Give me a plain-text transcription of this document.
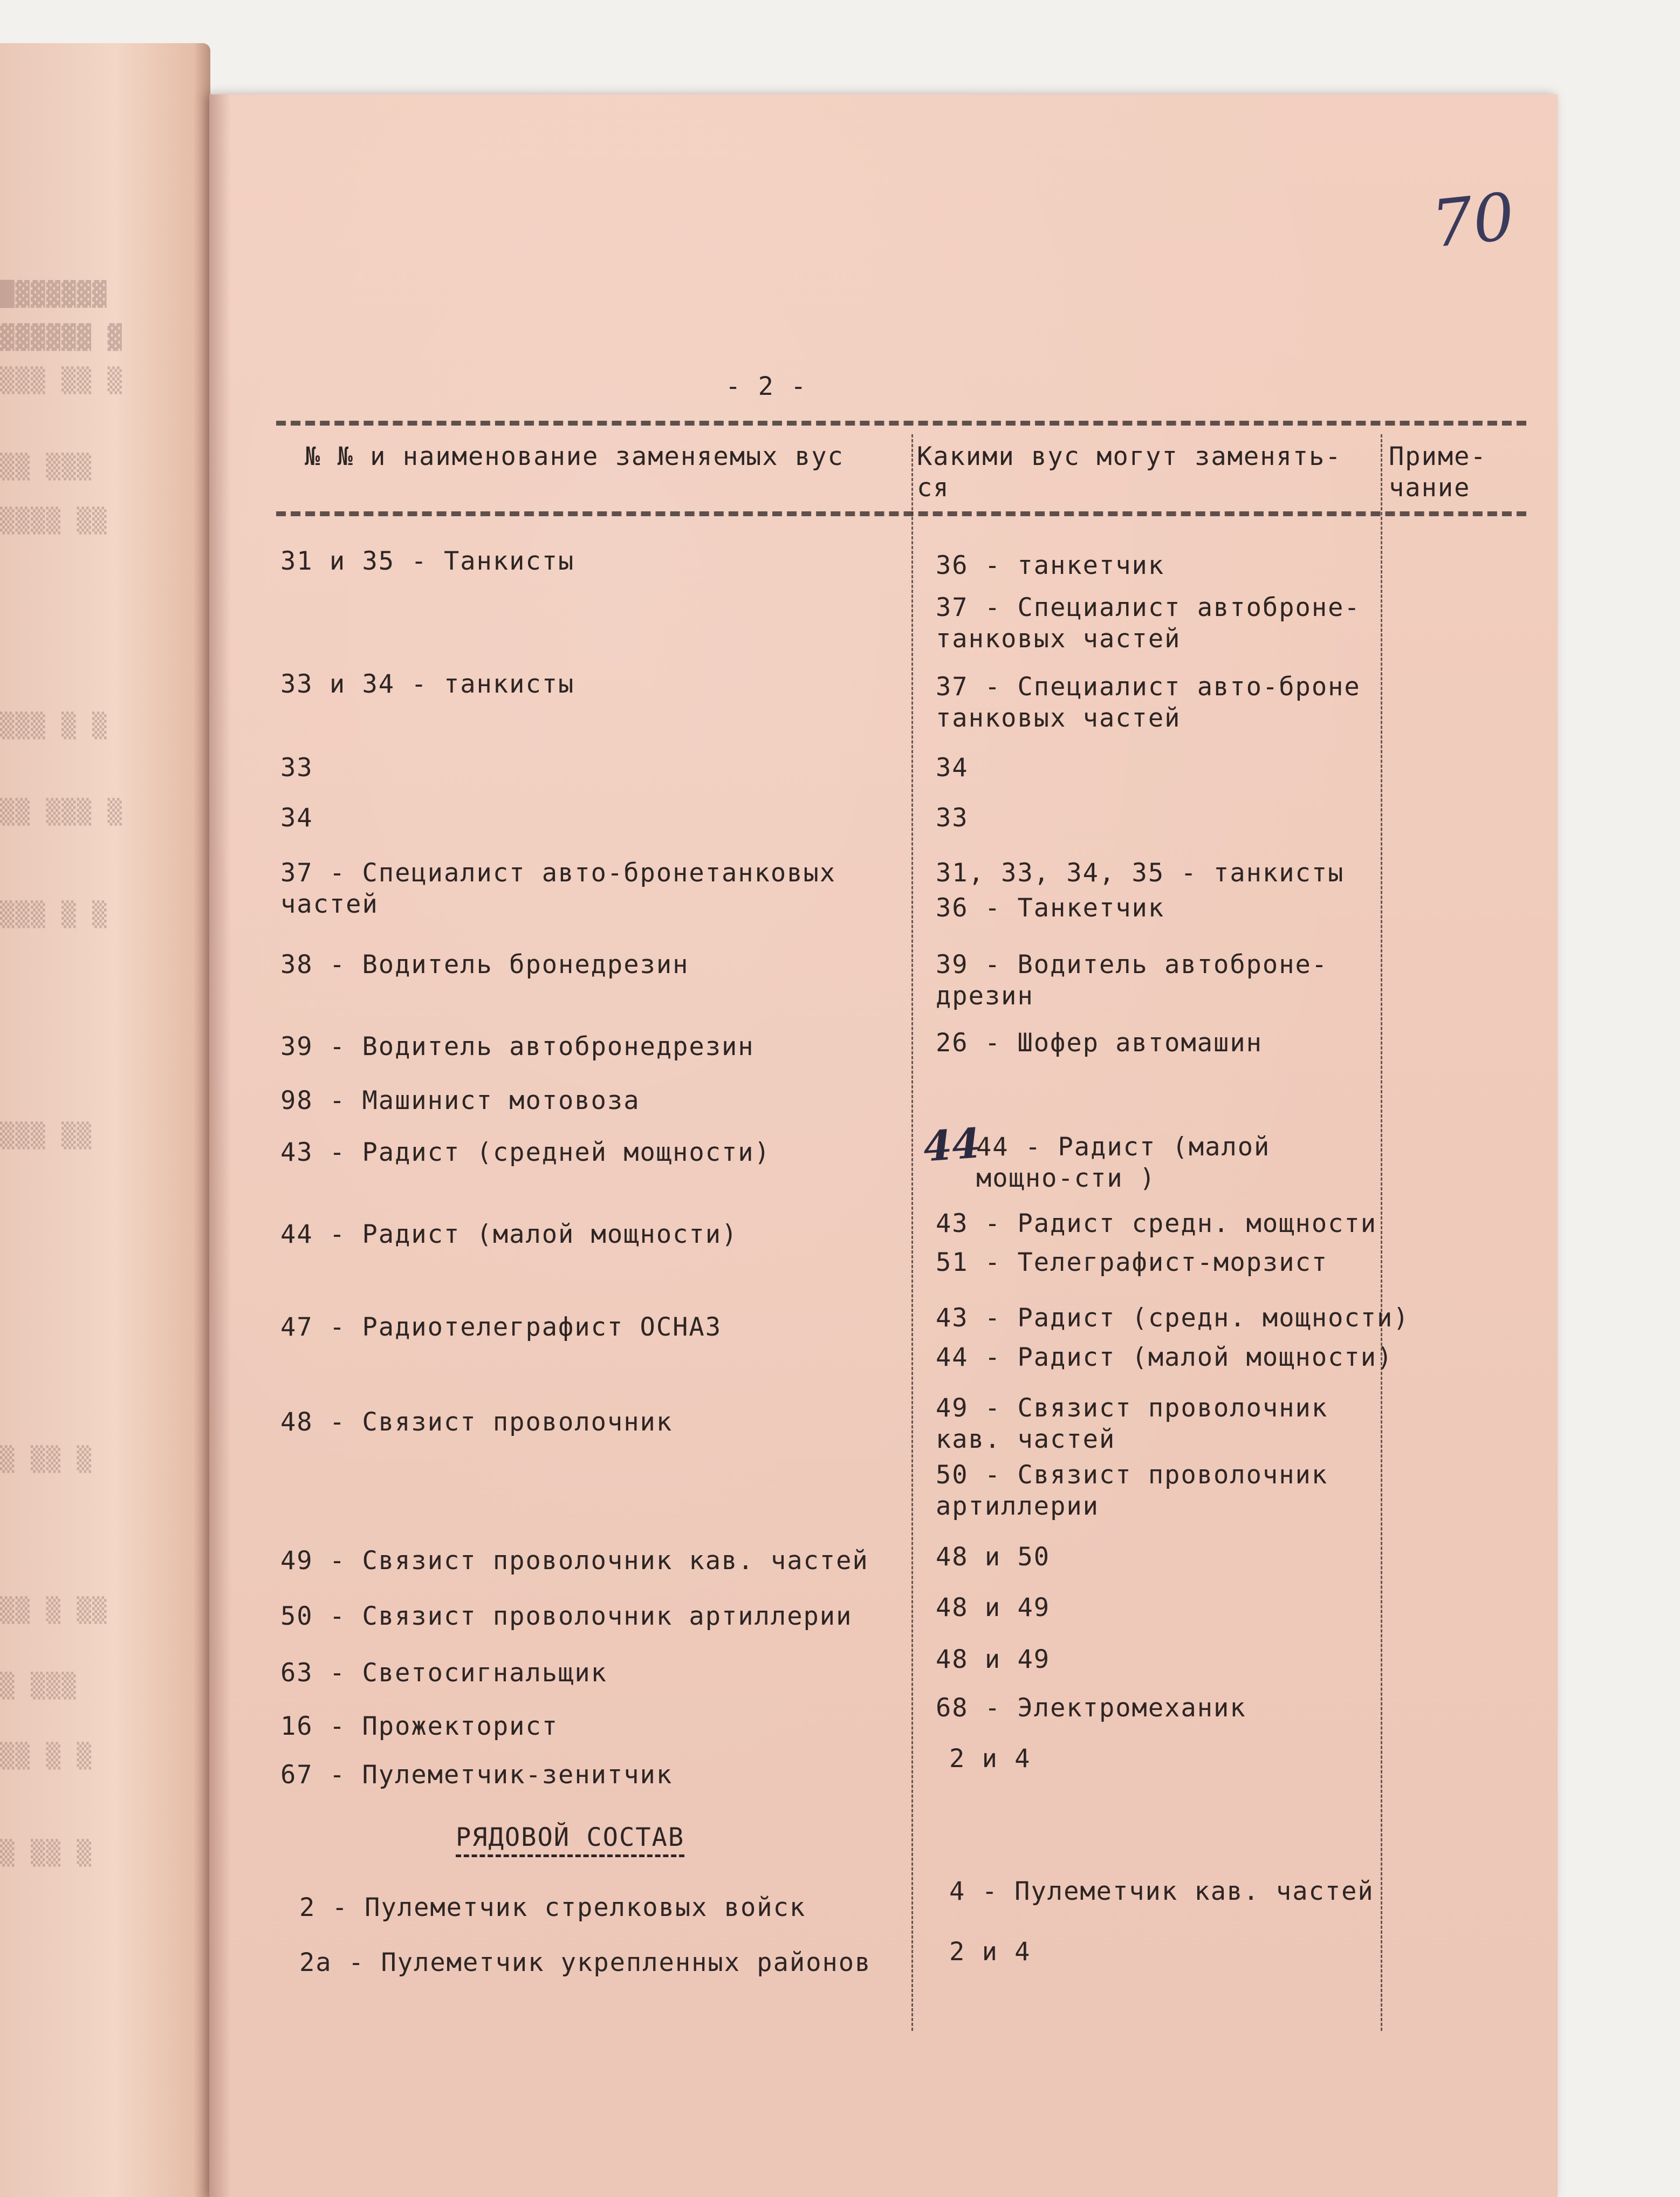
█▓▓▓▓▓▓
▓▓▓▓▓▓ ▓
▒▒▒ ▒▒ ▒
▒▒ ▒▒▒
▒▒▒▒ ▒▒
▒▒▒ ▒ ▒
▒▒ ▒▒▒ ▒
▒▒▒ ▒ ▒
▒▒▒ ▒▒
▒ ▒▒ ▒
▒▒ ▒ ▒▒
▒ ▒▒▒
▒▒ ▒ ▒
▒ ▒▒ ▒

70

- 2 -

№ № и наименование заменяемых вус	Какими вус могут заменять-ся

Приме-чание

31 и 35 - Танкисты

33 и 34 - танкисты

33

34

37 - Специалист авто-бронетанковых частей

38 - Водитель бронедрезин

39 - Водитель автобронедрезин

98 - Машинист мотовоза

43 - Радист (средней мощности)

44 - Радист (малой мощности)

47 - Радиотелеграфист ОСНАЗ

48 - Связист проволочник

49 - Связист проволочник кав. частей

50 - Связист проволочник артиллерии

63 - Светосигнальщик

16 - Прожекторист

67 - Пулеметчик-зенитчик

36 - танкетчик

37 - Специалист автоброне-танковых частей

37 - Специалист авто-броне танковых частей

34

33

31, 33, 34, 35 - танкисты

36 - Танкетчик

39 - Водитель автоброне-дрезин

26 - Шофер автомашин

44

44 - Радист (малой мощно-сти )

43 - Радист средн. мощности

51 - Телеграфист-морзист

43 - Радист (средн. мощности)

44 - Радист (малой мощности)

49 - Связист проволочник кав. частей

50 - Связист проволочник артиллерии

48 и 50

48 и 49

48 и 49

68 - Электромеханик

2 и 4

РЯДОВОЙ СОСТАВ

2 - Пулеметчик стрелковых войск

4 - Пулеметчик кав. частей

2а - Пулеметчик укрепленных районов	2 и 4
